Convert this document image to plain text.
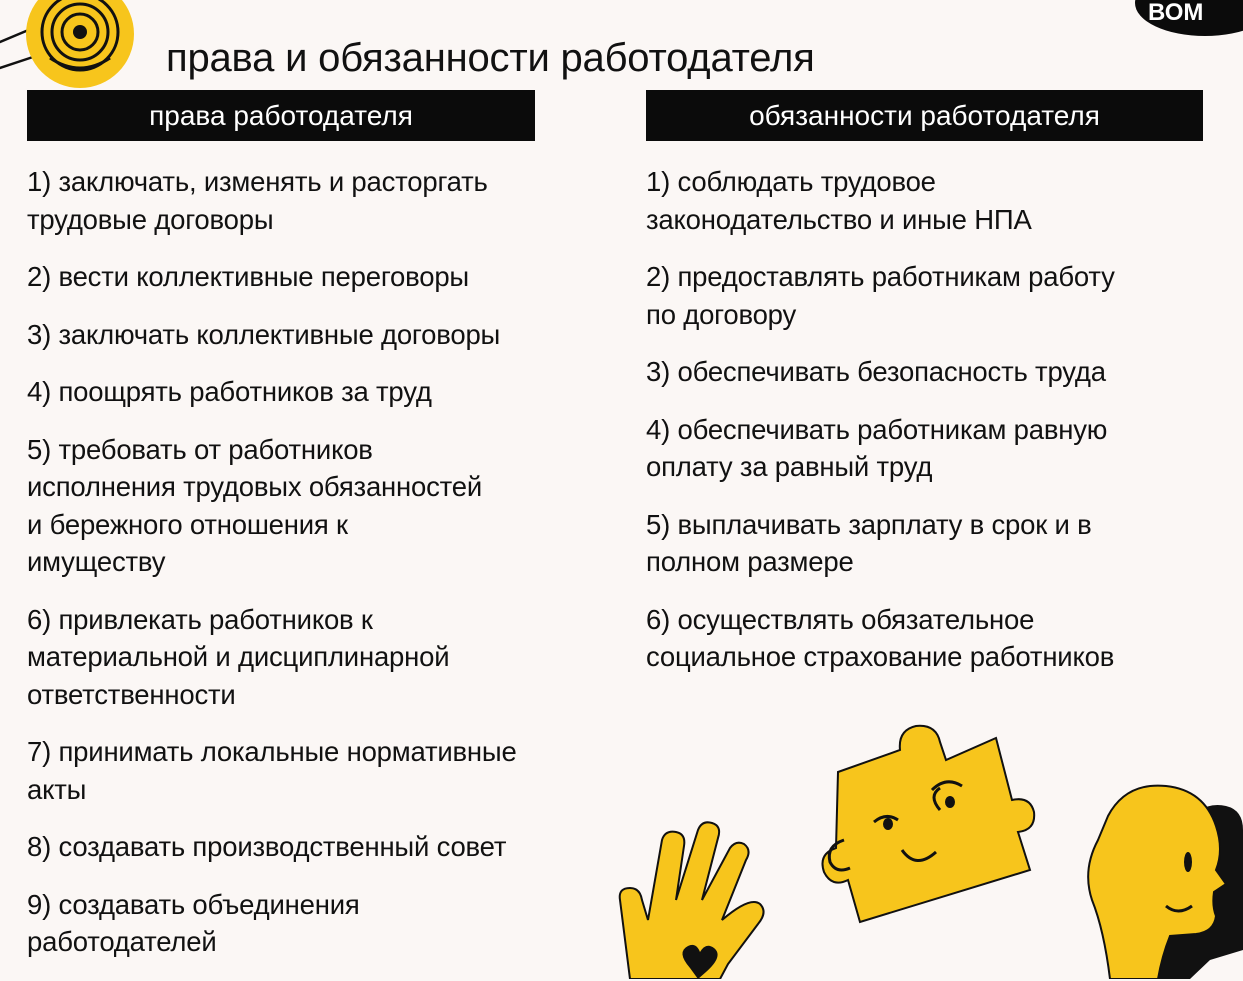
права и обязанности работодателя
ВОМ
права работодателя
1) заключать, изменять и расторгать
трудовые договоры
2) вести коллективные переговоры
3) заключать коллективные договоры
4) поощрять работников за труд
5) требовать от работников
исполнения трудовых обязанностей
и бережного отношения к
имуществу
6) привлекать работников к
материальной и дисциплинарной
ответственности
7) принимать локальные нормативные
акты
8) создавать производственный совет
9) создавать объединения
работодателей
обязанности работодателя
1) соблюдать трудовое
законодательство и иные НПА
2) предоставлять работникам работу
по договору
3) обеспечивать безопасность труда
4) обеспечивать работникам равную
оплату за равный труд
5) выплачивать зарплату в срок и в
полном размере
6) осуществлять обязательное
социальное страхование работников
